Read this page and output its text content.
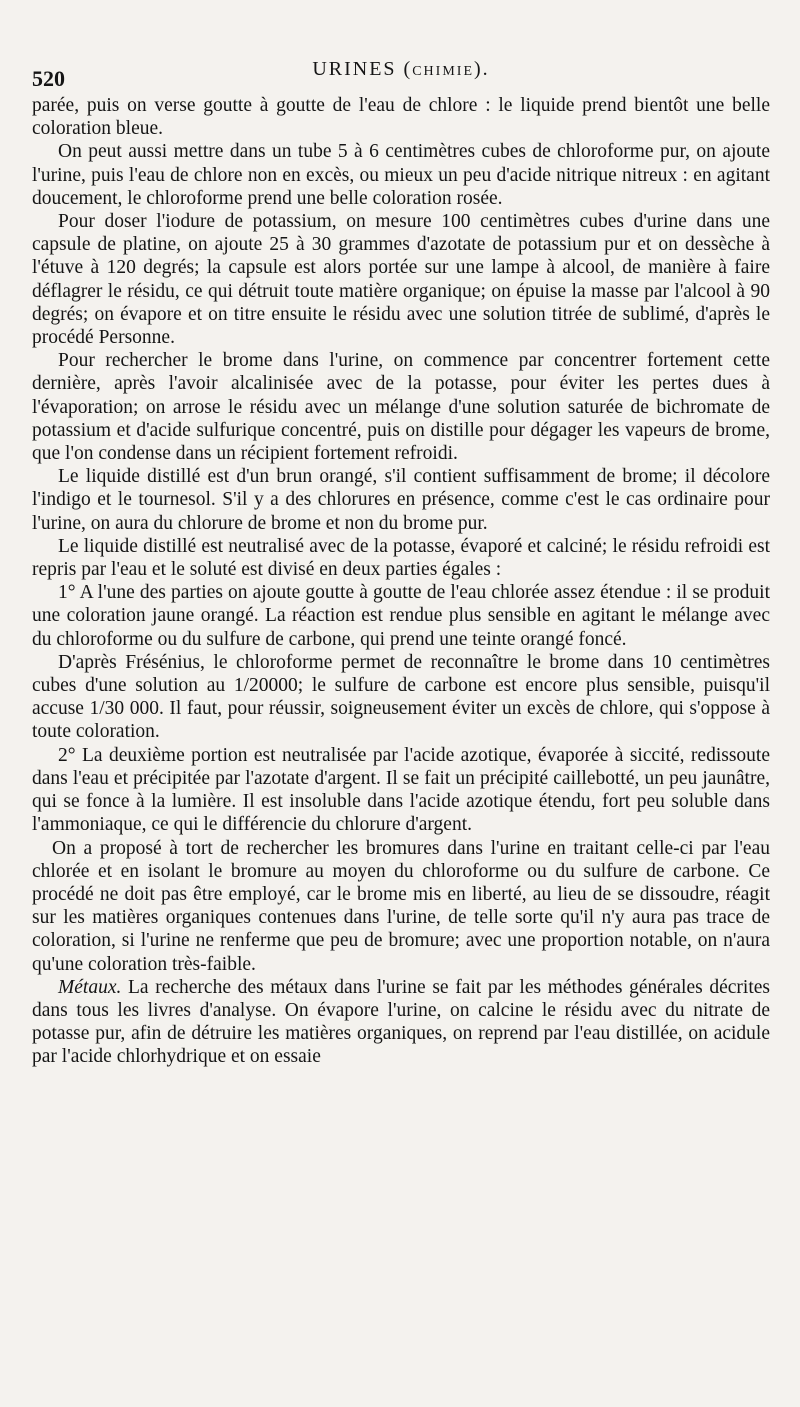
520	URINES (CHIMIE).

parée, puis on verse goutte à goutte de l'eau de chlore : le liquide prend bientôt une belle coloration bleue.

On peut aussi mettre dans un tube 5 à 6 centimètres cubes de chloroforme pur, on ajoute l'urine, puis l'eau de chlore non en excès, ou mieux un peu d'acide nitrique nitreux : en agitant doucement, le chloroforme prend une belle coloration rosée.

Pour doser l'iodure de potassium, on mesure 100 centimètres cubes d'urine dans une capsule de platine, on ajoute 25 à 30 grammes d'azotate de potassium pur et on dessèche à l'étuve à 120 degrés; la capsule est alors portée sur une lampe à alcool, de manière à faire déflagrer le résidu, ce qui détruit toute matière organique; on épuise la masse par l'alcool à 90 degrés; on évapore et on titre ensuite le résidu avec une solution titrée de sublimé, d'après le procédé Personne.

Pour rechercher le brome dans l'urine, on commence par concentrer fortement cette dernière, après l'avoir alcalinisée avec de la potasse, pour éviter les pertes dues à l'évaporation; on arrose le résidu avec un mélange d'une solution saturée de bichromate de potassium et d'acide sulfurique concentré, puis on distille pour dégager les vapeurs de brome, que l'on condense dans un récipient fortement refroidi.

Le liquide distillé est d'un brun orangé, s'il contient suffisamment de brome; il décolore l'indigo et le tournesol. S'il y a des chlorures en présence, comme c'est le cas ordinaire pour l'urine, on aura du chlorure de brome et non du brome pur.

Le liquide distillé est neutralisé avec de la potasse, évaporé et calciné; le résidu refroidi est repris par l'eau et le soluté est divisé en deux parties égales :

1° A l'une des parties on ajoute goutte à goutte de l'eau chlorée assez étendue : il se produit une coloration jaune orangé. La réaction est rendue plus sensible en agitant le mélange avec du chloroforme ou du sulfure de carbone, qui prend une teinte orangé foncé.

D'après Frésénius, le chloroforme permet de reconnaître le brome dans 10 centimètres cubes d'une solution au 1/20000; le sulfure de carbone est encore plus sensible, puisqu'il accuse 1/30 000. Il faut, pour réussir, soigneusement éviter un excès de chlore, qui s'oppose à toute coloration.

2° La deuxième portion est neutralisée par l'acide azotique, évaporée à siccité, redissoute dans l'eau et précipitée par l'azotate d'argent. Il se fait un précipité caillebotté, un peu jaunâtre, qui se fonce à la lumière. Il est insoluble dans l'acide azotique étendu, fort peu soluble dans l'ammoniaque, ce qui le différencie du chlorure d'argent.

On a proposé à tort de rechercher les bromures dans l'urine en traitant celle-ci par l'eau chlorée et en isolant le bromure au moyen du chloroforme ou du sulfure de carbone. Ce procédé ne doit pas être employé, car le brome mis en liberté, au lieu de se dissoudre, réagit sur les matières organiques contenues dans l'urine, de telle sorte qu'il n'y aura pas trace de coloration, si l'urine ne renferme que peu de bromure; avec une proportion notable, on n'aura qu'une coloration très-faible.

Métaux. La recherche des métaux dans l'urine se fait par les méthodes générales décrites dans tous les livres d'analyse. On évapore l'urine, on calcine le résidu avec du nitrate de potasse pur, afin de détruire les matières organiques, on reprend par l'eau distillée, on acidule par l'acide chlorhydrique et on essaie
